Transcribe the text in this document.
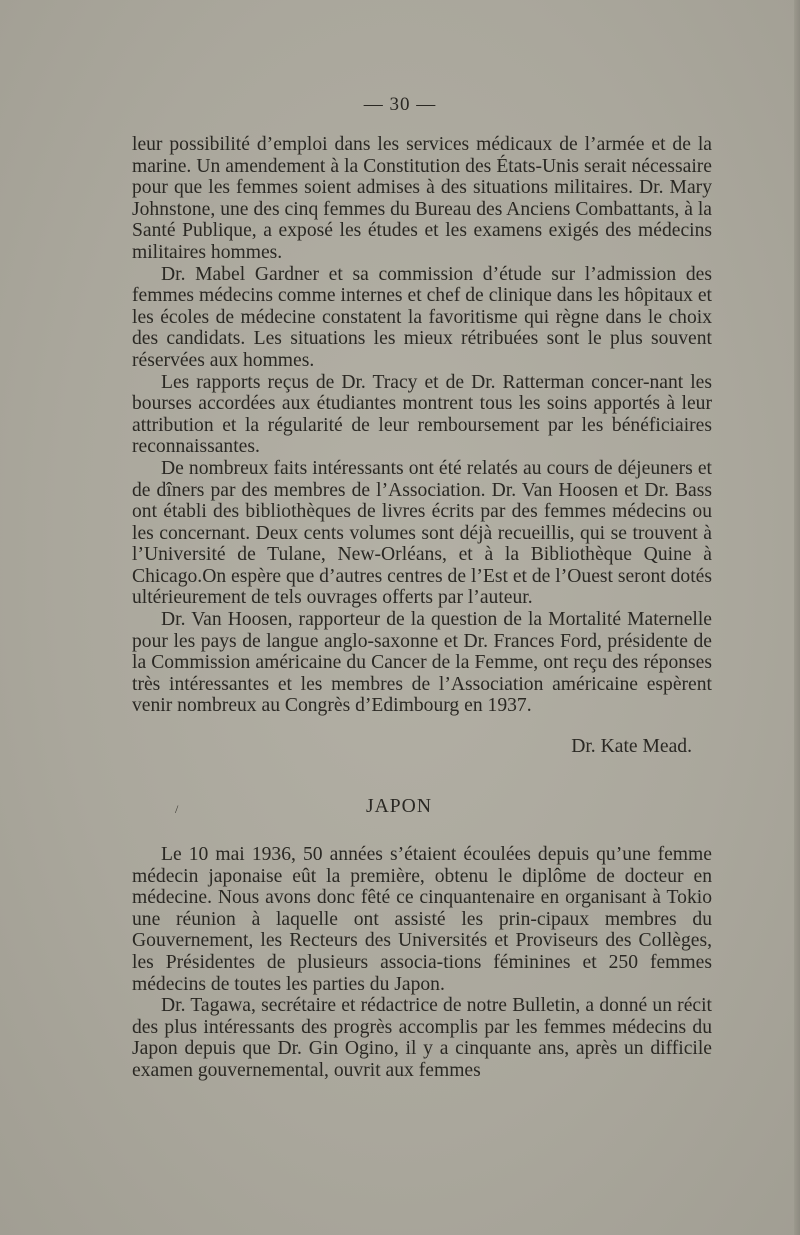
— 30 —

leur possibilité d’emploi dans les services médicaux de l’armée et de la marine. Un amendement à la Constitution des États-Unis serait nécessaire pour que les femmes soient admises à des situations militaires. Dr. Mary Johnstone, une des cinq femmes du Bureau des Anciens Combattants, à la Santé Publique, a exposé les études et les examens exigés des médecins militaires hommes.

Dr. Mabel Gardner et sa commission d’étude sur l’admission des femmes médecins comme internes et chef de clinique dans les hôpitaux et les écoles de médecine constatent la favoritisme qui règne dans le choix des candidats. Les situations les mieux rétribuées sont le plus souvent réservées aux hommes.

Les rapports reçus de Dr. Tracy et de Dr. Ratterman concer-nant les bourses accordées aux étudiantes montrent tous les soins apportés à leur attribution et la régularité de leur remboursement par les bénéficiaires reconnaissantes.

De nombreux faits intéressants ont été relatés au cours de déjeuners et de dîners par des membres de l’Association. Dr. Van Hoosen et Dr. Bass ont établi des bibliothèques de livres écrits par des femmes médecins ou les concernant. Deux cents volumes sont déjà recueillis, qui se trouvent à l’Université de Tulane, New-Orléans, et à la Bibliothèque Quine à Chicago.On espère que d’autres centres de l’Est et de l’Ouest seront dotés ultérieurement de tels ouvrages offerts par l’auteur.

Dr. Van Hoosen, rapporteur de la question de la Mortalité Maternelle pour les pays de langue anglo-saxonne et Dr. Frances Ford, présidente de la Commission américaine du Cancer de la Femme, ont reçu des réponses très intéressantes et les membres de l’Association américaine espèrent venir nombreux au Congrès d’Edimbourg en 1937.

Dr. Kate Mead.
/	JAPON

Le 10 mai 1936, 50 années s’étaient écoulées depuis qu’une femme médecin japonaise eût la première, obtenu le diplôme de docteur en médecine. Nous avons donc fêté ce cinquantenaire en organisant à Tokio une réunion à laquelle ont assisté les prin-cipaux membres du Gouvernement, les Recteurs des Universités et Proviseurs des Collèges, les Présidentes de plusieurs associa-tions féminines et 250 femmes médecins de toutes les parties du Japon.

Dr. Tagawa, secrétaire et rédactrice de notre Bulletin, a donné un récit des plus intéressants des progrès accomplis par les femmes médecins du Japon depuis que Dr. Gin Ogino, il y a cinquante ans, après un difficile examen gouvernemental, ouvrit aux femmes
